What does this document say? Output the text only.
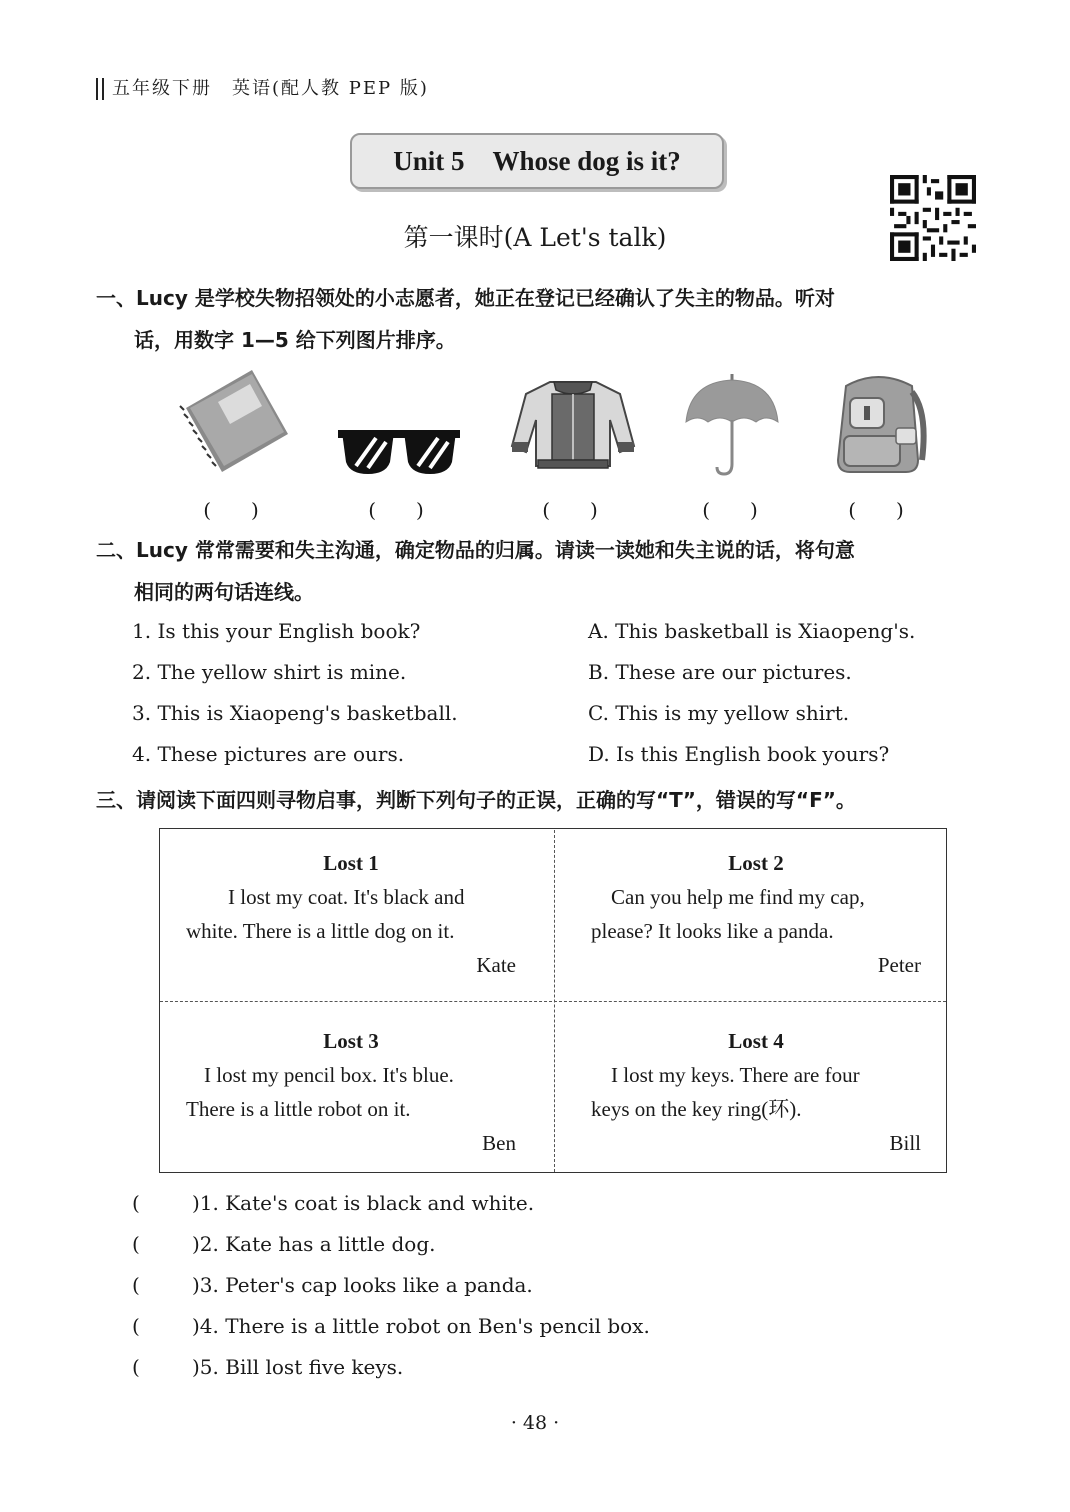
五年级下册　英语(配人教 PEP 版)
Unit 5 Whose dog is it?
第一课时(A Let's talk)
一、Lucy 是学校失物招领处的小志愿者，她正在登记已经确认了失主的物品。听对
话，用数字 1—5 给下列图片排序。
(　　)	(　　)	(　　)	(　　)	(　　)
二、Lucy 常常需要和失主沟通，确定物品的归属。请读一读她和失主说的话，将句意
相同的两句话连线。
1. Is this your English book?
2. The yellow shirt is mine.
3. This is Xiaopeng's basketball.
4. These pictures are ours.
A. This basketball is Xiaopeng's.
B. These are our pictures.
C. This is my yellow shirt.
D. Is this English book yours?
三、请阅读下面四则寻物启事，判断下列句子的正误，正确的写“T”，错误的写“F”。
Lost 1
I lost my coat. It's black and
white. There is a little dog on it.
Kate
Lost 2
Can you help me find my cap,
please? It looks like a panda.
Peter
Lost 3
I lost my pencil box. It's blue.
There is a little robot on it.
Ben
Lost 4
I lost my keys. There are four
keys on the key ring(环).
Bill
(	)1. Kate's coat is black and white.
(	)2. Kate has a little dog.
(	)3. Peter's cap looks like a panda.
(	)4. There is a little robot on Ben's pencil box.
(	)5. Bill lost five keys.
· 48 ·
